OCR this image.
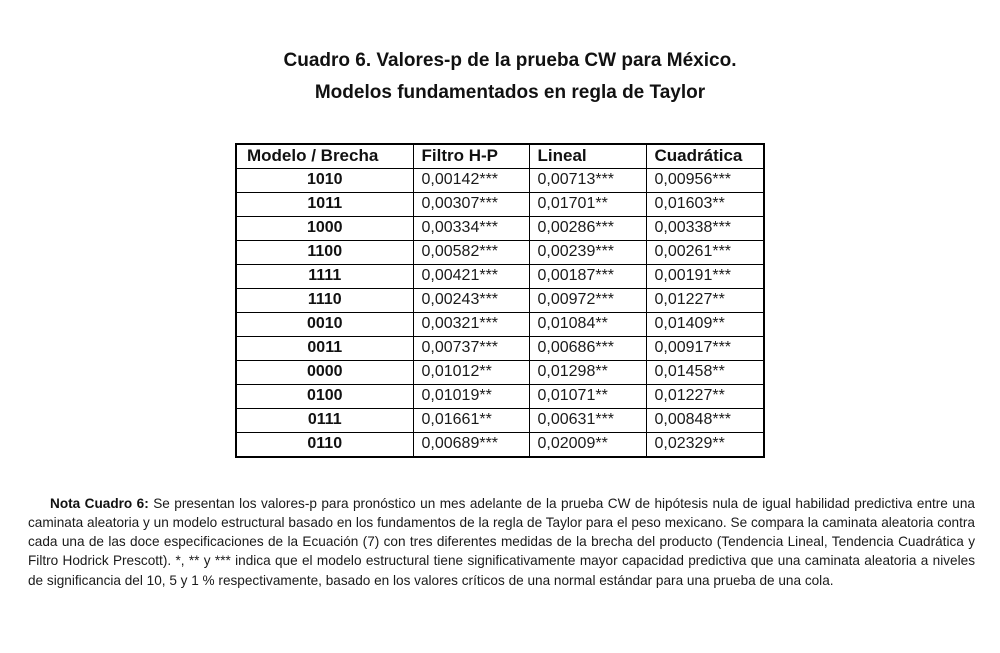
Cuadro 6. Valores-p de la prueba CW para México.
Modelos fundamentados en regla de Taylor
Modelo / Brecha	Filtro H-P	Lineal	Cuadrática
1010	0,00142***	0,00713***	0,00956***
1011	0,00307***	0,01701**	0,01603**
1000	0,00334***	0,00286***	0,00338***
1100	0,00582***	0,00239***	0,00261***
1111	0,00421***	0,00187***	0,00191***
1110	0,00243***	0,00972***	0,01227**
0010	0,00321***	0,01084**	0,01409**
0011	0,00737***	0,00686***	0,00917***
0000	0,01012**	0,01298**	0,01458**
0100	0,01019**	0,01071**	0,01227**
0111	0,01661**	0,00631***	0,00848***
0110	0,00689***	0,02009**	0,02329**

Nota Cuadro 6: Se presentan los valores-p para pronóstico un mes adelante de la prueba CW de hipótesis nula de igual habilidad predictiva entre una caminata aleatoria y un modelo estructural basado en los fundamentos de la regla de Taylor para el peso mexicano. Se compara la caminata aleatoria contra cada una de las doce especificaciones de la Ecuación (7) con tres diferentes medidas de la brecha del producto (Tendencia Lineal, Tendencia Cuadrática y Filtro Hodrick Prescott). *, ** y *** indica que el modelo estructural tiene significativamente mayor capacidad predictiva que una caminata aleatoria a niveles de significancia del 10, 5 y 1 % respectivamente, basado en los valores críticos de una normal estándar para una prueba de una cola.
